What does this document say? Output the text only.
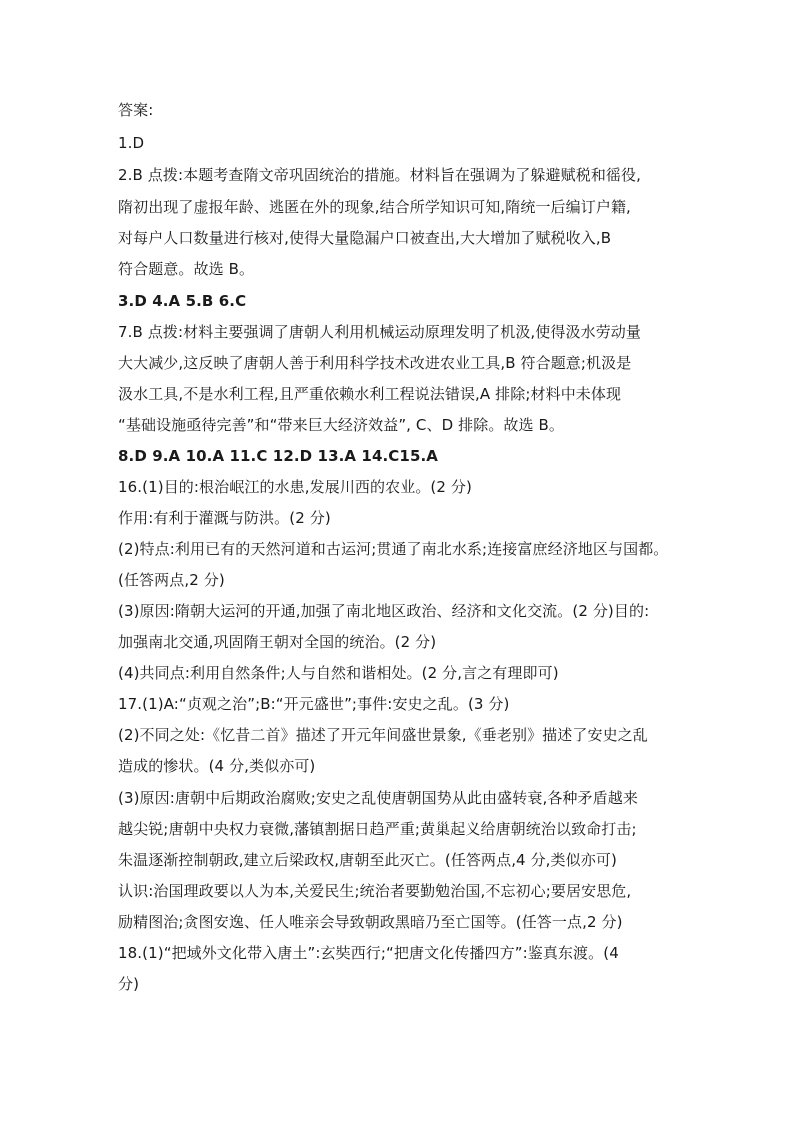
答案:

1.D

2.B 点拨:本题考查隋文帝巩固统治的措施。材料旨在强调为了躲避赋税和徭役,

隋初出现了虚报年龄、逃匿在外的现象,结合所学知识可知,隋统一后编订户籍,

对每户人口数量进行核对,使得大量隐漏户口被查出,大大增加了赋税收入,B

符合题意。故选 B。

3.D 4.A 5.B 6.C

7.B 点拨:材料主要强调了唐朝人利用机械运动原理发明了机汲,使得汲水劳动量

大大减少,这反映了唐朝人善于利用科学技术改进农业工具,B 符合题意;机汲是

汲水工具,不是水利工程,且严重依赖水利工程说法错误,A 排除;材料中未体现

“基础设施亟待完善”和“带来巨大经济效益”, C、D 排除。故选 B。

8.D 9.A 10.A 11.C 12.D 13.A 14.C15.A

16.(1)目的:根治岷江的水患,发展川西的农业。(2 分)

作用:有利于灌溉与防洪。(2 分)

(2)特点:利用已有的天然河道和古运河;贯通了南北水系;连接富庶经济地区与国都。

(任答两点,2 分)

(3)原因:隋朝大运河的开通,加强了南北地区政治、经济和文化交流。(2 分)目的:

加强南北交通,巩固隋王朝对全国的统治。(2 分)

(4)共同点:利用自然条件;人与自然和谐相处。(2 分,言之有理即可)

17.(1)A:“贞观之治”;B:“开元盛世”;事件:安史之乱。(3 分)

(2)不同之处:《忆昔二首》描述了开元年间盛世景象,《垂老别》描述了安史之乱

造成的惨状。(4 分,类似亦可)

(3)原因:唐朝中后期政治腐败;安史之乱使唐朝国势从此由盛转衰,各种矛盾越来

越尖锐;唐朝中央权力衰微,藩镇割据日趋严重;黄巢起义给唐朝统治以致命打击;

朱温逐渐控制朝政,建立后梁政权,唐朝至此灭亡。(任答两点,4 分,类似亦可)

认识:治国理政要以人为本,关爱民生;统治者要勤勉治国,不忘初心;要居安思危,

励精图治;贪图安逸、任人唯亲会导致朝政黑暗乃至亡国等。(任答一点,2 分)

18.(1)“把域外文化带入唐土”:玄奘西行;“把唐文化传播四方”:鉴真东渡。(4

分)
